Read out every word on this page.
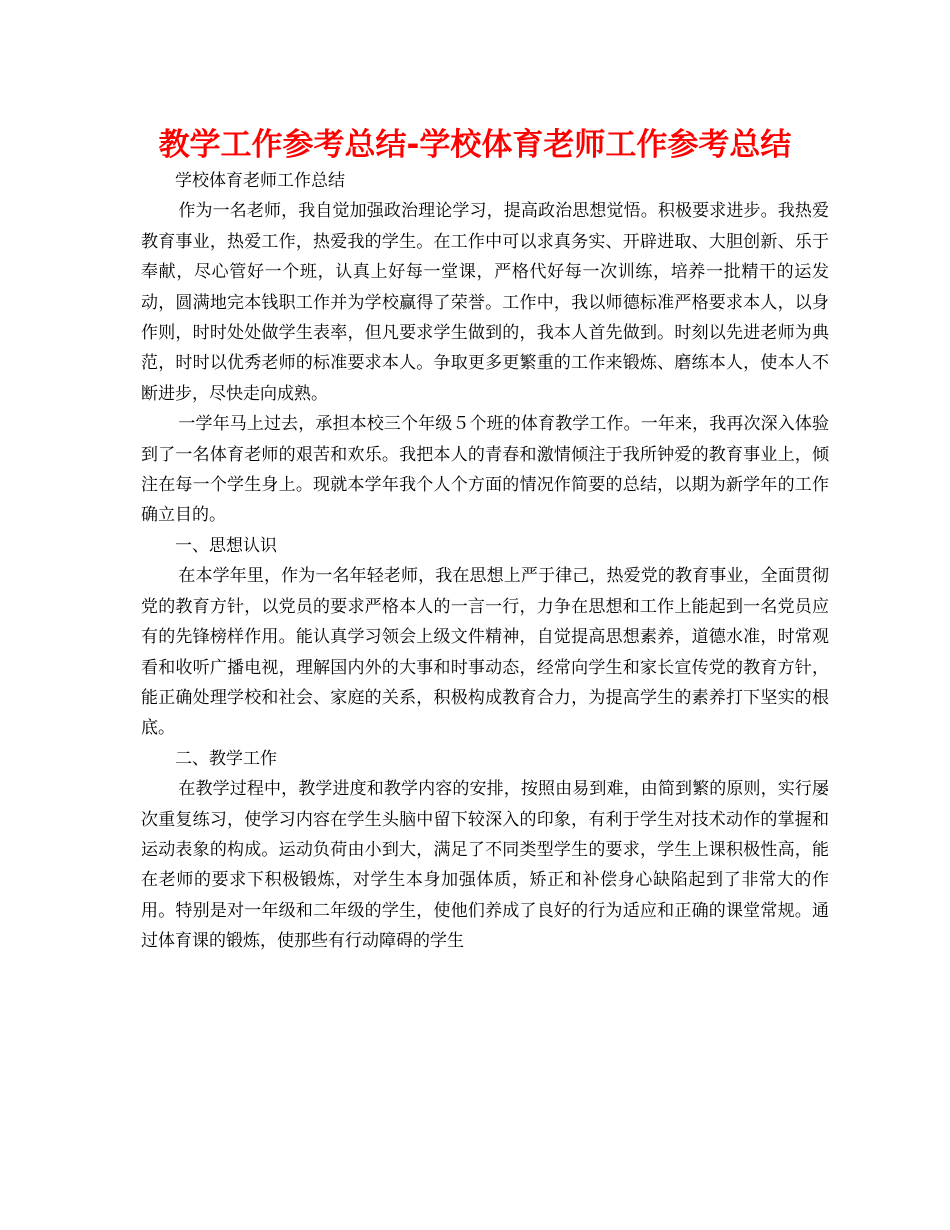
教学工作参考总结-学校体育老师工作参考总结

学校体育老师工作总结

作为一名老师，我自觉加强政治理论学习，提高政治思想觉悟。积极要求进步。我热爱教育事业，热爱工作，热爱我的学生。在工作中可以求真务实、开辟进取、大胆创新、乐于奉献，尽心管好一个班，认真上好每一堂课，严格代好每一次训练，培养一批精干的运发动，圆满地完本钱职工作并为学校赢得了荣誉。工作中，我以师德标准严格要求本人，以身作则，时时处处做学生表率，但凡要求学生做到的，我本人首先做到。时刻以先进老师为典范，时时以优秀老师的标准要求本人。争取更多更繁重的工作来锻炼、磨练本人，使本人不断进步，尽快走向成熟。

一学年马上过去，承担本校三个年级５个班的体育教学工作。一年来，我再次深入体验到了一名体育老师的艰苦和欢乐。我把本人的青春和激情倾注于我所钟爱的教育事业上，倾注在每一个学生身上。现就本学年我个人个方面的情况作简要的总结，以期为新学年的工作确立目的。

一、思想认识

在本学年里，作为一名年轻老师，我在思想上严于律己，热爱党的教育事业，全面贯彻党的教育方针，以党员的要求严格本人的一言一行，力争在思想和工作上能起到一名党员应有的先锋榜样作用。能认真学习领会上级文件精神，自觉提高思想素养，道德水准，时常观看和收听广播电视，理解国内外的大事和时事动态，经常向学生和家长宣传党的教育方针，能正确处理学校和社会、家庭的关系，积极构成教育合力，为提高学生的素养打下坚实的根底。

二、教学工作

在教学过程中，教学进度和教学内容的安排，按照由易到难，由简到繁的原则，实行屡次重复练习，使学习内容在学生头脑中留下较深入的印象，有利于学生对技术动作的掌握和运动表象的构成。运动负荷由小到大，满足了不同类型学生的要求，学生上课积极性高，能在老师的要求下积极锻炼，对学生本身加强体质，矫正和补偿身心缺陷起到了非常大的作用。特别是对一年级和二年级的学生，使他们养成了良好的行为适应和正确的课堂常规。通过体育课的锻炼，使那些有行动障碍的学生
